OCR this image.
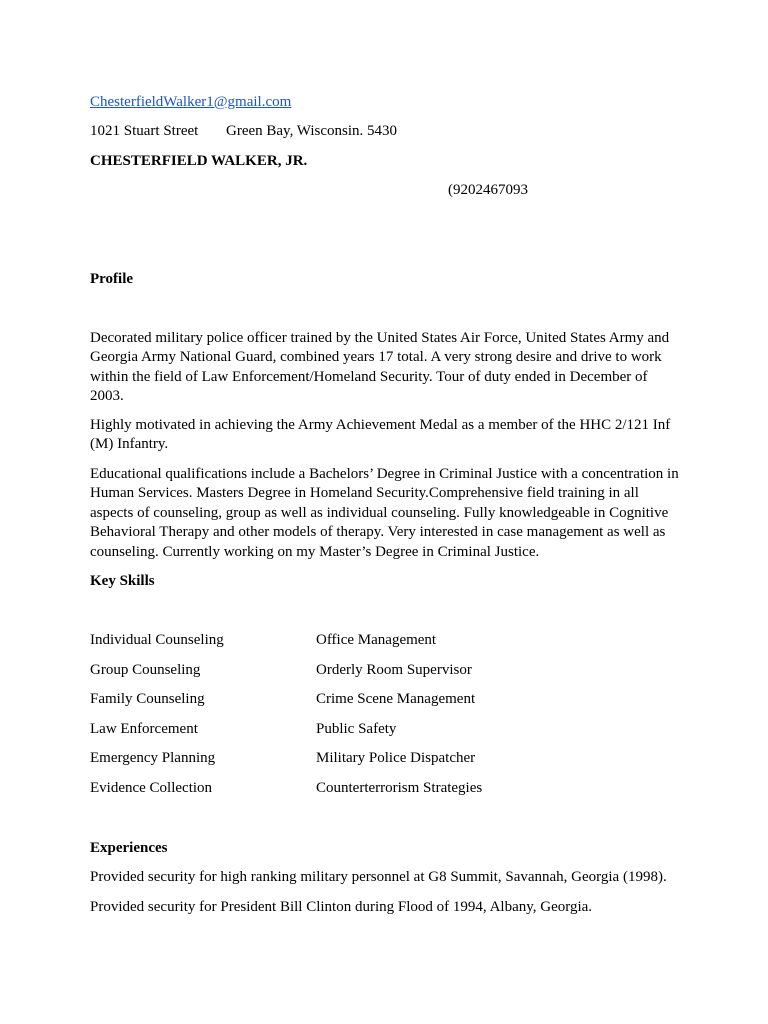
ChesterfieldWalker1@gmail.com
1021 Stuart Street Green Bay, Wisconsin. 5430
CHESTERFIELD WALKER, JR.
(9202467093
Profile
Decorated military police officer trained by the United States Air Force, United States Army and Georgia Army National Guard, combined years 17 total. A very strong desire and drive to work within the field of Law Enforcement/Homeland Security. Tour of duty ended in December of 2003.
Highly motivated in achieving the Army Achievement Medal as a member of the HHC 2/121 Inf (M) Infantry.
Educational qualifications include a Bachelors’ Degree in Criminal Justice with a concentration in Human Services. Masters Degree in Homeland Security.Comprehensive field training in all aspects of counseling, group as well as individual counseling. Fully knowledgeable in Cognitive Behavioral Therapy and other models of therapy. Very interested in case management as well as counseling. Currently working on my Master’s Degree in Criminal Justice.
Key Skills
Individual Counseling	Office Management
Group Counseling	Orderly Room Supervisor
Family Counseling	Crime Scene Management
Law Enforcement	Public Safety
Emergency Planning	Military Police Dispatcher
Evidence Collection	Counterterrorism Strategies
Experiences
Provided security for high ranking military personnel at G8 Summit, Savannah, Georgia (1998).
Provided security for President Bill Clinton during Flood of 1994, Albany, Georgia.
